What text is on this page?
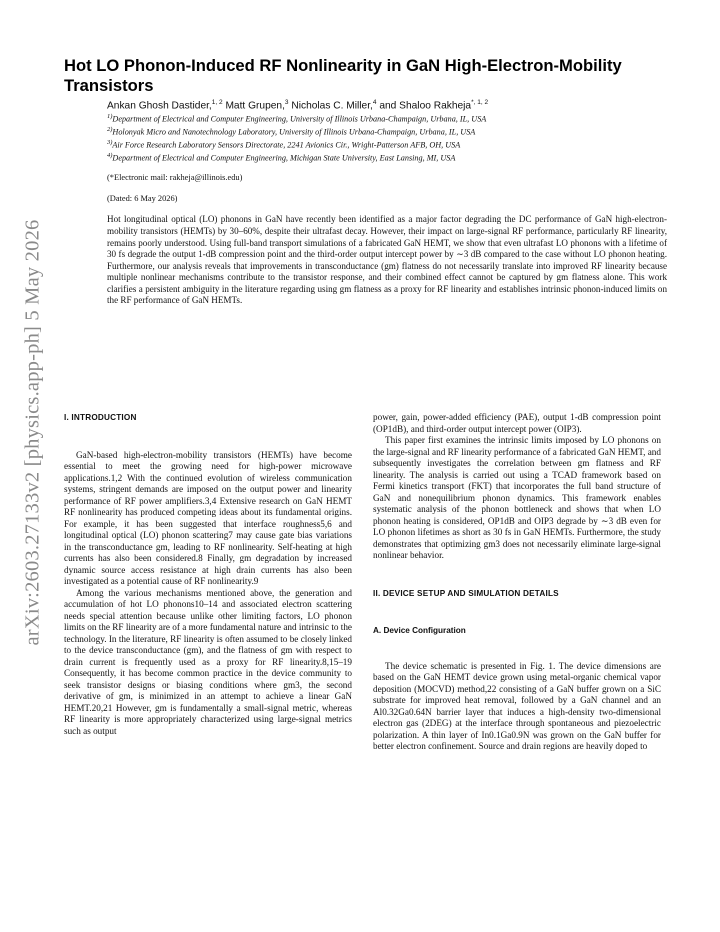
arXiv:2603.27133v2 [physics.app-ph] 5 May 2026
Hot LO Phonon-Induced RF Nonlinearity in GaN High-Electron-Mobility Transistors
Ankan Ghosh Dastider,$^{1, 2}$ Matt Grupen,$^3$ Nicholas C. Miller,$^4$ and Shaloo Rakheja$^{*, 1, 2}$
$^{1)}$Department of Electrical and Computer Engineering, University of Illinois Urbana-Champaign, Urbana, IL, USA
$^{2)}$Holonyak Micro and Nanotechnology Laboratory, University of Illinois Urbana-Champaign, Urbana, IL, USA
$^{3)}$Air Force Research Laboratory Sensors Directorate, 2241 Avionics Cir., Wright-Patterson AFB, OH, USA
$^{4)}$Department of Electrical and Computer Engineering, Michigan State University, East Lansing, MI, USA
(*Electronic mail: rakheja@illinois.edu)
(Dated: 6 May 2026)
Hot longitudinal optical (LO) phonons in GaN have recently been identified as a major factor degrading the DC performance of GaN high-electron-mobility transistors (HEMTs) by 30–60%, despite their ultrafast decay. However, their impact on large-signal RF performance, particularly RF linearity, remains poorly understood. Using full-band transport simulations of a fabricated GaN HEMT, we show that even ultrafast LO phonons with a lifetime of 30 fs degrade the output 1-dB compression point and the third-order output intercept power by ∼3 dB compared to the case without LO phonon heating. Furthermore, our analysis reveals that improvements in transconductance (gm) flatness do not necessarily translate into improved RF linearity because multiple nonlinear mechanisms contribute to the transistor response, and their combined effect cannot be captured by gm flatness alone. This work clarifies a persistent ambiguity in the literature regarding using gm flatness as a proxy for RF linearity and establishes intrinsic phonon-induced limits on the RF performance of GaN HEMTs.
I. INTRODUCTION

GaN-based high-electron-mobility transistors (HEMTs) have become essential to meet the growing need for high-power microwave applications.1,2 With the continued evolution of wireless communication systems, stringent demands are imposed on the output power and linearity performance of RF power amplifiers.3,4 Extensive research on GaN HEMT RF nonlinearity has produced competing ideas about its fundamental origins. For example, it has been suggested that interface roughness5,6 and longitudinal optical (LO) phonon scattering7 may cause gate bias variations in the transconductance gm, leading to RF nonlinearity. Self-heating at high currents has also been considered.8 Finally, gm degradation by increased dynamic source access resistance at high drain currents has also been investigated as a potential cause of RF nonlinearity.9

Among the various mechanisms mentioned above, the generation and accumulation of hot LO phonons10–14 and associated electron scattering needs special attention because unlike other limiting factors, LO phonon limits on the RF linearity are of a more fundamental nature and intrinsic to the technology. In the literature, RF linearity is often assumed to be closely linked to the device transconductance (gm), and the flatness of gm with respect to drain current is frequently used as a proxy for RF linearity.8,15–19 Consequently, it has become common practice in the device community to seek transistor designs or biasing conditions where gm3, the second derivative of gm, is minimized in an attempt to achieve a linear GaN HEMT.20,21 However, gm is fundamentally a small-signal metric, whereas RF linearity is more appropriately characterized using large-signal metrics such as output

power, gain, power-added efficiency (PAE), output 1-dB compression point (OP1dB), and third-order output intercept power (OIP3).

This paper first examines the intrinsic limits imposed by LO phonons on the large-signal and RF linearity performance of a fabricated GaN HEMT, and subsequently investigates the correlation between gm flatness and RF linearity. The analysis is carried out using a TCAD framework based on Fermi kinetics transport (FKT) that incorporates the full band structure of GaN and nonequilibrium phonon dynamics. This framework enables systematic analysis of the phonon bottleneck and shows that when LO phonon heating is considered, OP1dB and OIP3 degrade by ∼3 dB even for LO phonon lifetimes as short as 30 fs in GaN HEMTs. Furthermore, the study demonstrates that optimizing gm3 does not necessarily eliminate large-signal nonlinear behavior.

II. DEVICE SETUP AND SIMULATION DETAILS
A. Device Configuration

The device schematic is presented in Fig. 1. The device dimensions are based on the GaN HEMT device grown using metal-organic chemical vapor deposition (MOCVD) method,22 consisting of a GaN buffer grown on a SiC substrate for improved heat removal, followed by a GaN channel and an Al0.32Ga0.64N barrier layer that induces a high-density two-dimensional electron gas (2DEG) at the interface through spontaneous and piezoelectric polarization. A thin layer of In0.1Ga0.9N was grown on the GaN buffer for better electron confinement. Source and drain regions are heavily doped to
